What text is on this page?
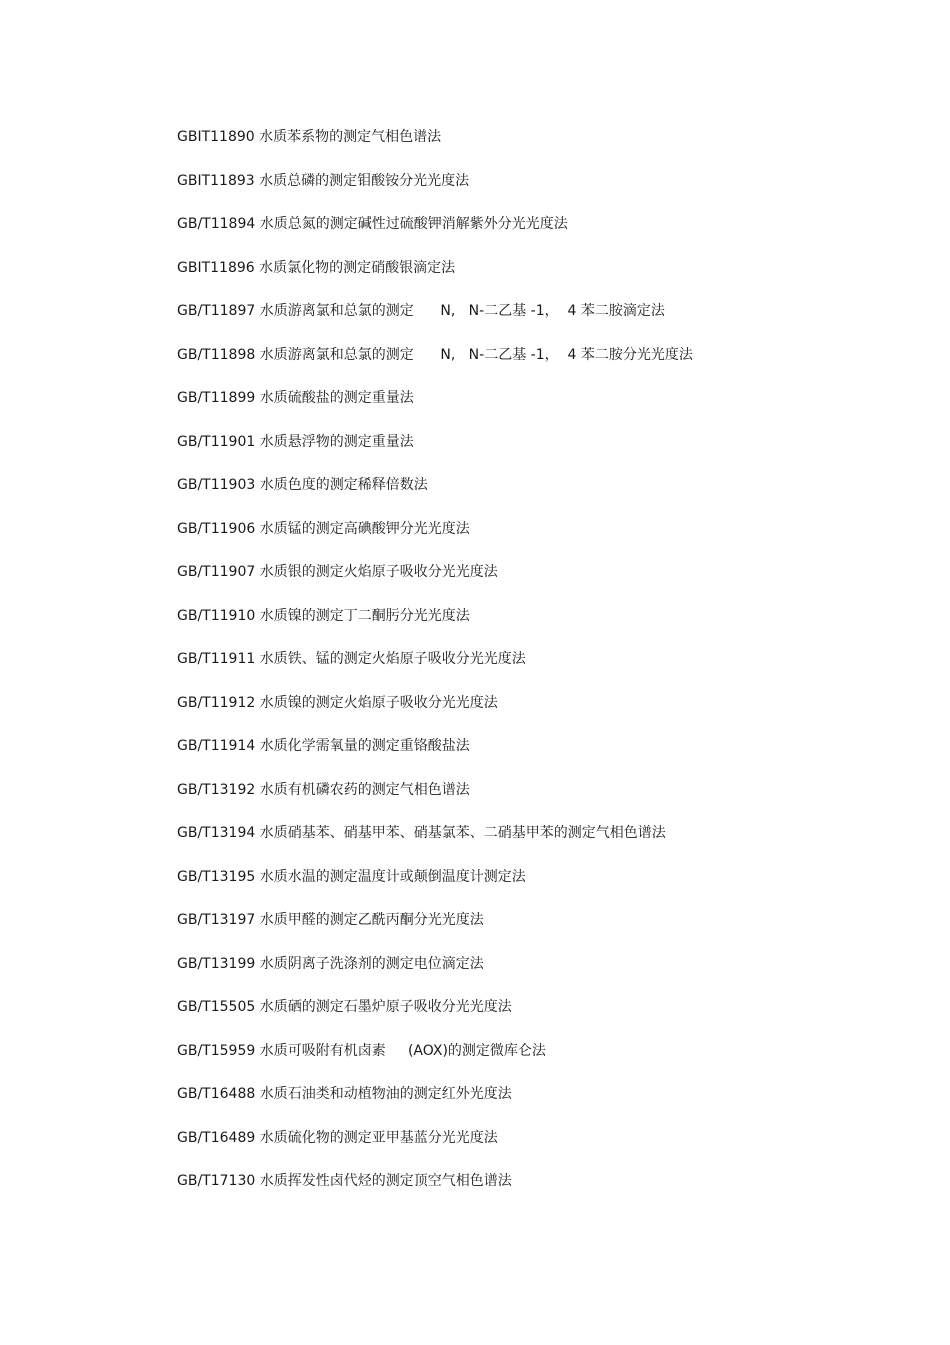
GBIT11890 水质苯系物的测定气相色谱法
GBIT11893 水质总磷的测定钼酸铵分光光度法
GB/T11894 水质总氮的测定碱性过硫酸钾消解紫外分光光度法
GBIT11896 水质氯化物的测定硝酸银滴定法
GB/T11897 水质游离氯和总氯的测定      N,   N-二乙基 -1，  4 苯二胺滴定法
GB/T11898 水质游离氯和总氯的测定      N,   N-二乙基 -1，  4 苯二胺分光光度法
GB/T11899 水质硫酸盐的测定重量法
GB/T11901 水质悬浮物的测定重量法
GB/T11903 水质色度的测定稀释倍数法
GB/T11906 水质锰的测定高碘酸钾分光光度法
GB/T11907 水质银的测定火焰原子吸收分光光度法
GB/T11910 水质镍的测定丁二酮肟分光光度法
GB/T11911 水质铁、锰的测定火焰原子吸收分光光度法
GB/T11912 水质镍的测定火焰原子吸收分光光度法
GB/T11914 水质化学需氧量的测定重铬酸盐法
GB/T13192 水质有机磷农药的测定气相色谱法
GB/T13194 水质硝基苯、硝基甲苯、硝基氯苯、二硝基甲苯的测定气相色谱法
GB/T13195 水质水温的测定温度计或颠倒温度计测定法
GB/T13197 水质甲醛的测定乙酰丙酮分光光度法
GB/T13199 水质阴离子洗涤剂的测定电位滴定法
GB/T15505 水质硒的测定石墨炉原子吸收分光光度法
GB/T15959 水质可吸附有机卤素     (AOX)的测定微库仑法
GB/T16488 水质石油类和动植物油的测定红外光度法
GB/T16489 水质硫化物的测定亚甲基蓝分光光度法
GB/T17130 水质挥发性卤代烃的测定顶空气相色谱法
